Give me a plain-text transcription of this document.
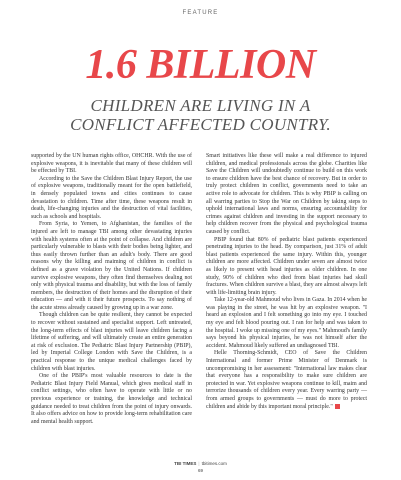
FEATURE
1.6 BILLION
CHILDREN ARE LIVING IN A
CONFLICT AFFECTED COUNTRY.

supported by the UN human rights office, OHCHR. With the use of explosive weapons, it is inevitable that many of these children will be effected by TBI.

According to the Save the Children Blast Injury Report, the use of explosive weapons, traditionally meant for the open battlefield, in densely populated towns and cities continues to cause devastation to children. Time after time, these weapons result in death, life-changing injuries and the destruction of vital facilities, such as schools and hospitals.

From Syria, to Yemen, to Afghanistan, the families of the injured are left to manage TBI among other devastating injuries with health systems often at the point of collapse. And children are particularly vulnerable to blasts with their bodies being lighter, and thus easily thrown further than an adult's body. There are good reasons why the killing and maiming of children in conflict is defined as a grave violation by the United Nations. If children survive explosive weapons, they often find themselves dealing not only with physical trauma and disability, but with the loss of family members, the destruction of their homes and the disruption of their education — and with it their future prospects. To say nothing of the acute stress already caused by growing up in a war zone.

Though children can be quite resilient, they cannot be expected to recover without sustained and specialist support. Left untreated, the long-term effects of blast injuries will leave children facing a lifetime of suffering, and will ultimately create an entire generation at risk of exclusion. The Pediatric Blast Injury Partnership (PBIP), led by Imperial College London with Save the Children, is a practical response to the unique medical challenges faced by children with blast injuries.

One of the PBIP's most valuable resources to date is the Pediatric Blast Injury Field Manual, which gives medical staff in conflict settings, who often have to operate with little or no previous experience or training, the knowledge and technical guidance needed to treat children from the point of injury onwards. It also offers advice on how to provide long-term rehabilitation care and mental health support.

Smart initiatives like these will make a real difference to injured children, and medical professionals across the globe. Charities like Save the Children will undoubtedly continue to build on this work to ensure children have the best chance of recovery. But in order to truly protect children in conflict, governments need to take an active role to advocate for children. This is why PBIP is calling on all warring parties to Stop the War on Children by taking steps to uphold international laws and norms, ensuring accountability for crimes against children and investing in the support necessary to help children recover from the physical and psychological trauma caused by conflict.

PBIP found that 80% of pediatric blast patients experienced penetrating injuries to the head. By comparison, just 31% of adult blast patients experienced the same injury. Within this, younger children are more affected. Children under seven are almost twice as likely to present with head injuries as older children. In one study, 90% of children who died from blast injuries had skull fractures. When children survive a blast, they are almost always left with life-limiting brain injury.

Take 12-year-old Mahmoud who lives in Gaza. In 2014 when he was playing in the street, he was hit by an explosive weapon. "I heard an explosion and I felt something go into my eye. I touched my eye and felt blood pouring out. I ran for help and was taken to the hospital. I woke up missing one of my eyes." Mahmoud's family says beyond his physical injuries, he was not himself after the accident. Mahmoud likely suffered an undiagnosed TBI.

Helle Thorning-Schmidt, CEO of Save the Children International and former Prime Minister of Denmark is uncompromising in her assessment: "International law makes clear that everyone has a responsibility to make sure children are protected in war. Yet explosive weapons continue to kill, maim and terrorize thousands of children every year. Every warring party — from armed groups to governments — must do more to protect children and abide by this important moral principle."

TBI TIMES | tbitimes.com
69
